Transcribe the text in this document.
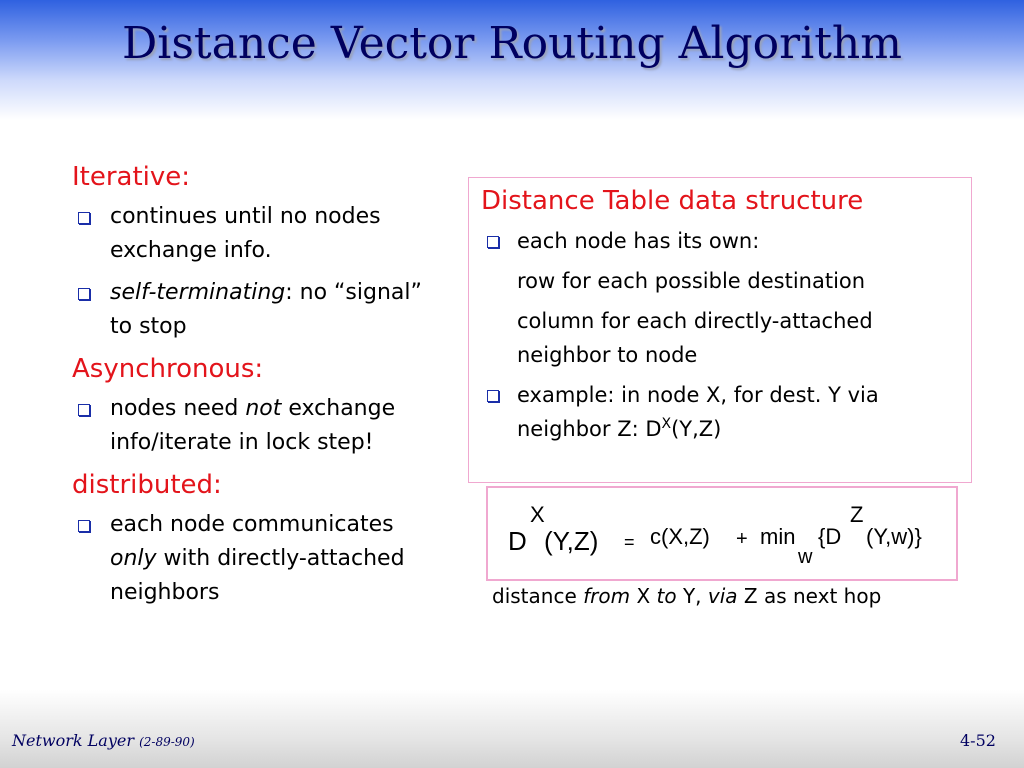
Distance Vector Routing Algorithm
Iterative:
continues until no nodes exchange info.
self-terminating: no “signal” to stop
Asynchronous:
nodes need not exchange info/iterate in lock step!
distributed:
each node communicates only with directly-attached neighbors
Distance Table data structure
each node has its own:
row for each possible destination
column for each directly-attached neighbor to node
example: in node X, for dest. Y via neighbor Z: $D^X(Y,Z)$
D
X
(Y,Z) = c(X,Z) + min
w
{D
Z
(Y,w)}
distance from X to Y, via Z as next hop
Network Layer (2-89-90)	4-52
